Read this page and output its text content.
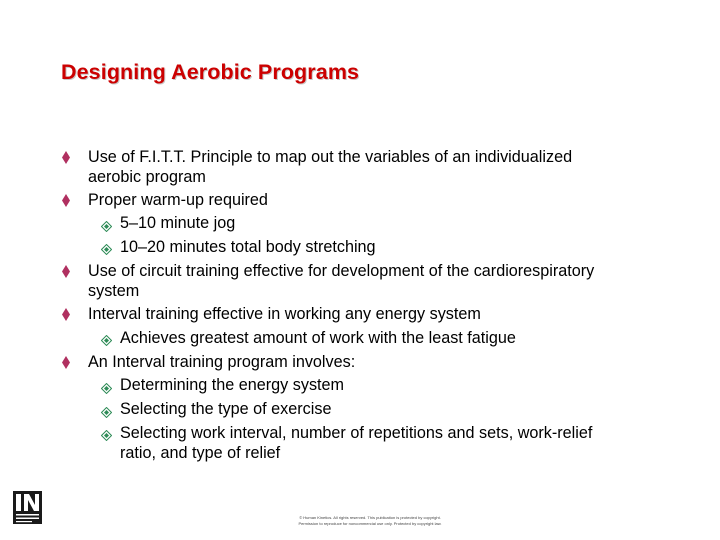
Designing Aerobic Programs
Use of F.I.T.T. Principle to map out the variables of an individualized
aerobic program
Proper warm-up required
5–10 minute jog
10–20 minutes total body stretching
Use of circuit training effective for development of the cardiorespiratory
system
Interval training effective in working any energy system
Achieves greatest amount of work with the least fatigue
An Interval training program involves:
Determining the energy system
Selecting the type of exercise
Selecting work interval, number of repetitions and sets, work-relief
ratio, and type of relief
© Human Kinetics. All rights reserved. This publication is protected by copyright.
Permission to reproduce for noncommercial use only. Protected by copyright law.
